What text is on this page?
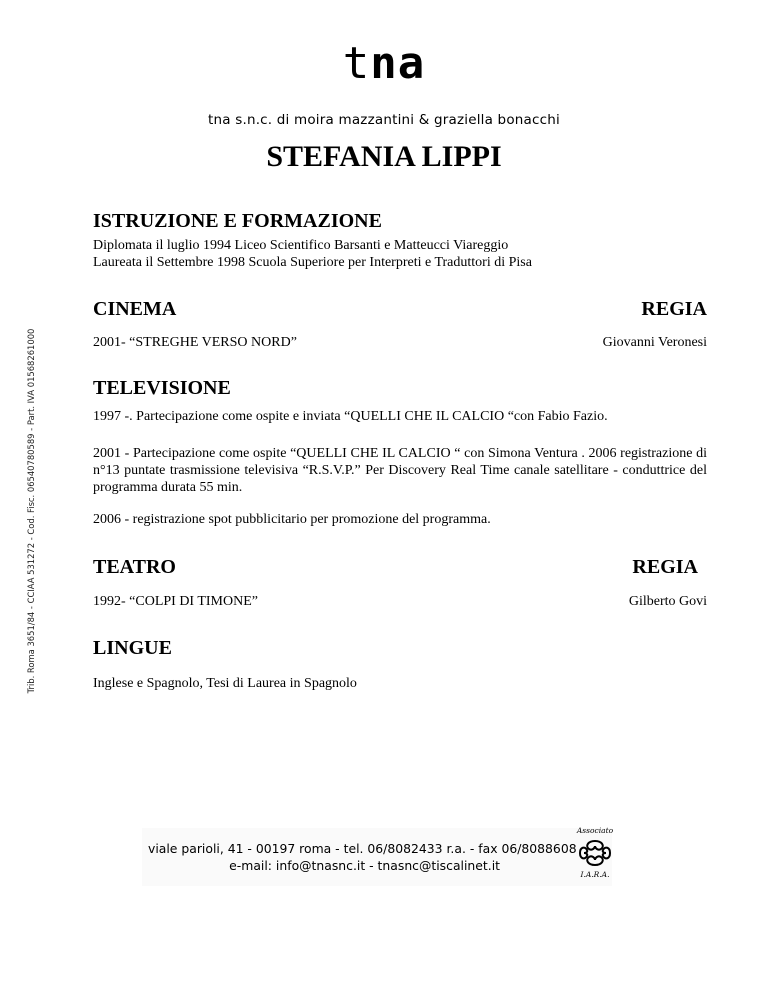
tna
tna s.n.c. di moira mazzantini & graziella bonacchi
STEFANIA LIPPI
Trib. Roma 3651/84 - CCIAA 531272 - Cod. Fisc. 06540780589 - Part. IVA 01568261000
ISTRUZIONE E FORMAZIONE
Diplomata il luglio 1994 Liceo Scientifico Barsanti e Matteucci Viareggio
Laureata il Settembre 1998 Scuola Superiore per Interpreti e Traduttori di Pisa
CINEMA	REGIA
2001- “STREGHE VERSO NORD”	Giovanni Veronesi
TELEVISIONE
1997 -. Partecipazione come ospite e inviata “QUELLI CHE IL CALCIO “con Fabio Fazio.
2001 - Partecipazione come ospite “QUELLI CHE IL CALCIO “ con Simona Ventura . 2006 registrazione di n°13 puntate trasmissione televisiva “R.S.V.P.” Per Discovery Real Time canale satellitare - conduttrice del programma durata 55 min.
2006 - registrazione spot pubblicitario per promozione del programma.
TEATRO	REGIA
1992- “COLPI DI TIMONE”	Gilberto Govi
LINGUE
Inglese e Spagnolo, Tesi di Laurea in Spagnolo
viale parioli, 41 - 00197 roma - tel. 06/8082433 r.a. - fax 06/8088608
e-mail: info@tnasnc.it - tnasnc@tiscalinet.it
Associato
I.A.R.A.
